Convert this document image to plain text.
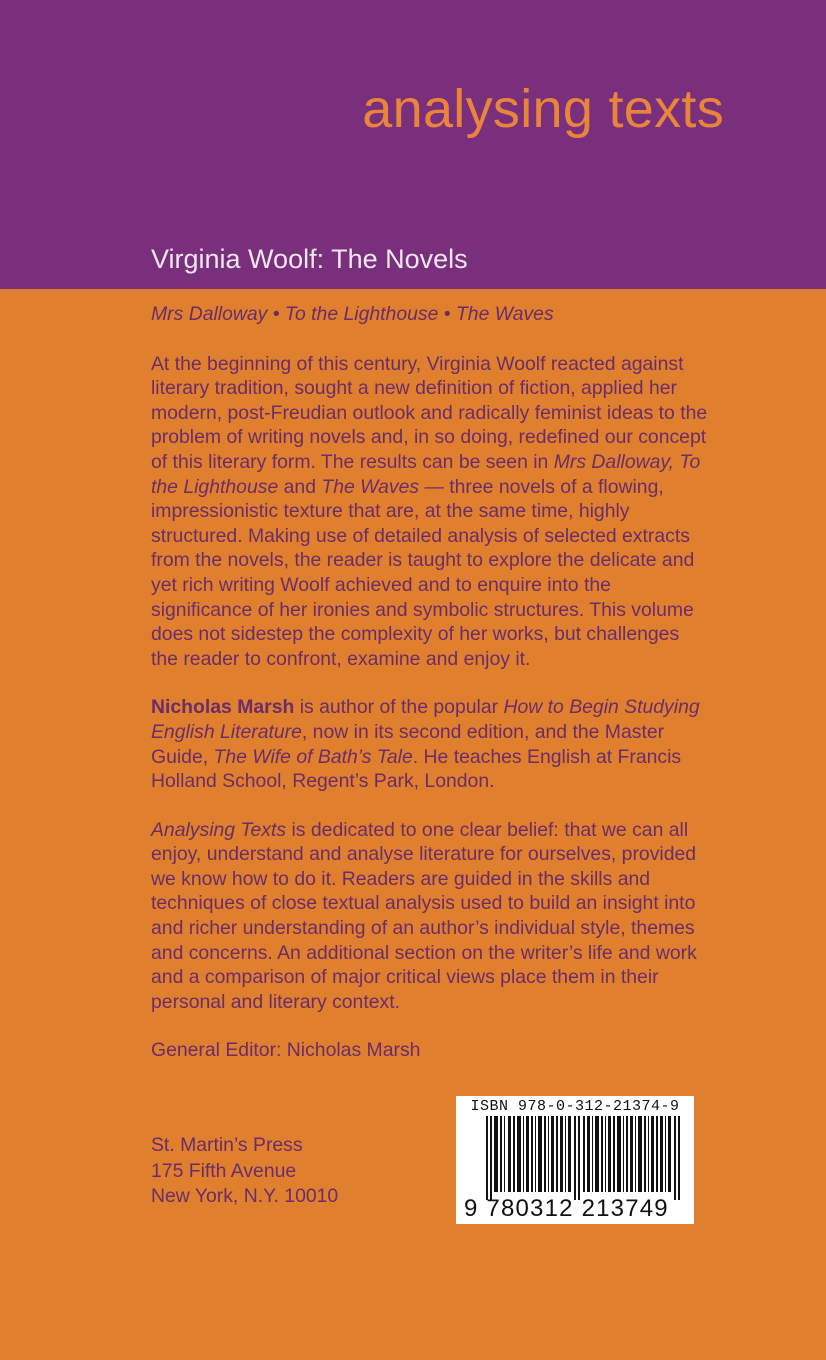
analysing texts
Virginia Woolf: The Novels

Mrs Dalloway • To the Lighthouse • The Waves

At the beginning of this century, Virginia Woolf reacted against literary tradition, sought a new definition of fiction, applied her modern, post-Freudian outlook and radically feminist ideas to the problem of writing novels and, in so doing, redefined our concept of this literary form. The results can be seen in Mrs Dalloway, To the Lighthouse and The Waves — three novels of a flowing, impressionistic texture that are, at the same time, highly structured. Making use of detailed analysis of selected extracts from the novels, the reader is taught to explore the delicate and yet rich writing Woolf achieved and to enquire into the significance of her ironies and symbolic structures. This volume does not sidestep the complexity of her works, but challenges the reader to confront, examine and enjoy it.

Nicholas Marsh is author of the popular How to Begin Studying English Literature, now in its second edition, and the Master Guide, The Wife of Bath’s Tale. He teaches English at Francis Holland School, Regent’s Park, London.

Analysing Texts is dedicated to one clear belief: that we can all enjoy, understand and analyse literature for ourselves, provided we know how to do it. Readers are guided in the skills and techniques of close textual analysis used to build an insight into and richer understanding of an author’s individual style, themes and concerns. An additional section on the writer’s life and work and a comparison of major critical views place them in their personal and literary context.

General Editor: Nicholas Marsh

St. Martin’s Press
175 Fifth Avenue
New York, N.Y. 10010
ISBN 978-0-312-21374-9
9 780312 213749
